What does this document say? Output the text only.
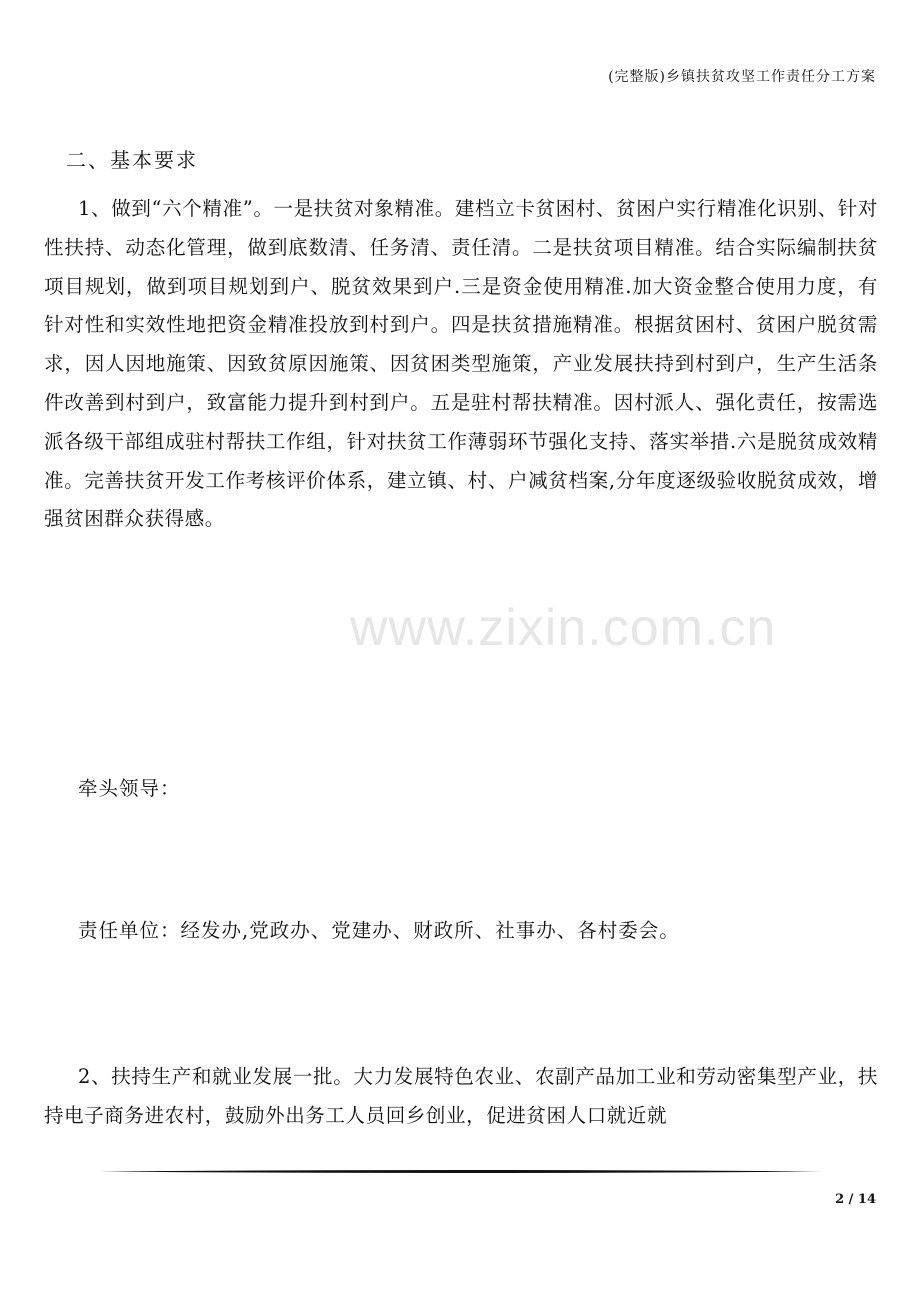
(完整版)乡镇扶贫攻坚工作责任分工方案
www.zixin.com.cn
二、基本要求
1、做到“六个精准”。一是扶贫对象精准。建档立卡贫困村、贫困户实行精准化识别、针对性扶持、动态化管理，做到底数清、任务清、责任清。二是扶贫项目精准。结合实际编制扶贫项目规划，做到项目规划到户、脱贫效果到户.三是资金使用精准.加大资金整合使用力度，有针对性和实效性地把资金精准投放到村到户。四是扶贫措施精准。根据贫困村、贫困户脱贫需求，因人因地施策、因致贫原因施策、因贫困类型施策，产业发展扶持到村到户，生产生活条件改善到村到户，致富能力提升到村到户。五是驻村帮扶精准。因村派人、强化责任，按需选派各级干部组成驻村帮扶工作组，针对扶贫工作薄弱环节强化支持、落实举措.六是脱贫成效精准。完善扶贫开发工作考核评价体系，建立镇、村、户减贫档案,分年度逐级验收脱贫成效，增强贫困群众获得感。
牵头领导：
责任单位：经发办,党政办、党建办、财政所、社事办、各村委会。
2、扶持生产和就业发展一批。大力发展特色农业、农副产品加工业和劳动密集型产业，扶持电子商务进农村，鼓励外出务工人员回乡创业，促进贫困人口就近就
2 / 14
